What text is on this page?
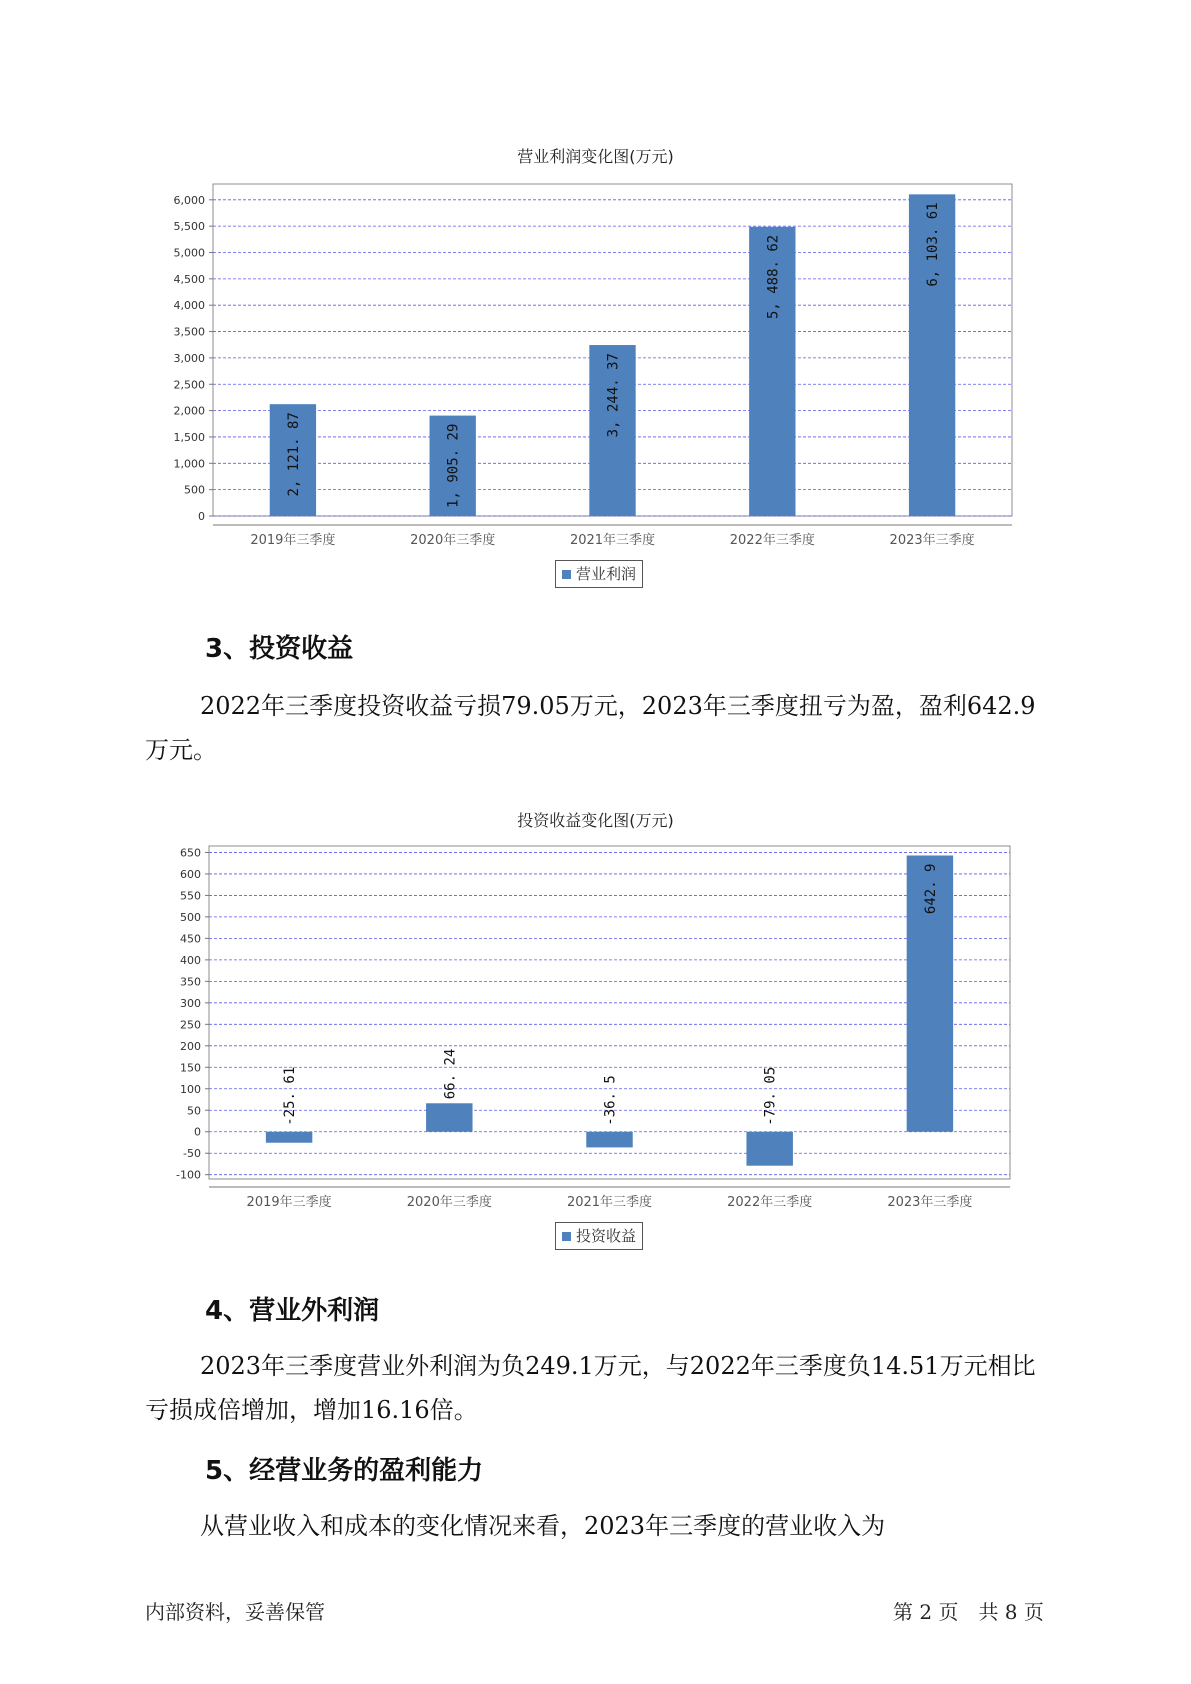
营业利润变化图(万元)
0
500
1,000
1,500
2,000
2,500
3,000
3,500
4,000
4,500
5,000
5,500
6,000
2, 121. 87
2019年三季度
1, 905. 29
2020年三季度
3, 244. 37
2021年三季度
5, 488. 62
2022年三季度
6, 103. 61
2023年三季度
营业利润
3、投资收益
2022年三季度投资收益亏损79.05万元，2023年三季度扭亏为盈，盈利642.9万元。
投资收益变化图(万元)
-100
-50
0
50
100
150
200
250
300
350
400
450
500
550
600
650
-25. 61
2019年三季度
66. 24
2020年三季度
-36. 5
2021年三季度
-79. 05
2022年三季度
642. 9
2023年三季度
投资收益
4、营业外利润
2023年三季度营业外利润为负249.1万元，与2022年三季度负14.51万元相比亏损成倍增加，增加16.16倍。
5、经营业务的盈利能力
从营业收入和成本的变化情况来看，2023年三季度的营业收入为
内部资料，妥善保管	第 2 页　共 8 页
